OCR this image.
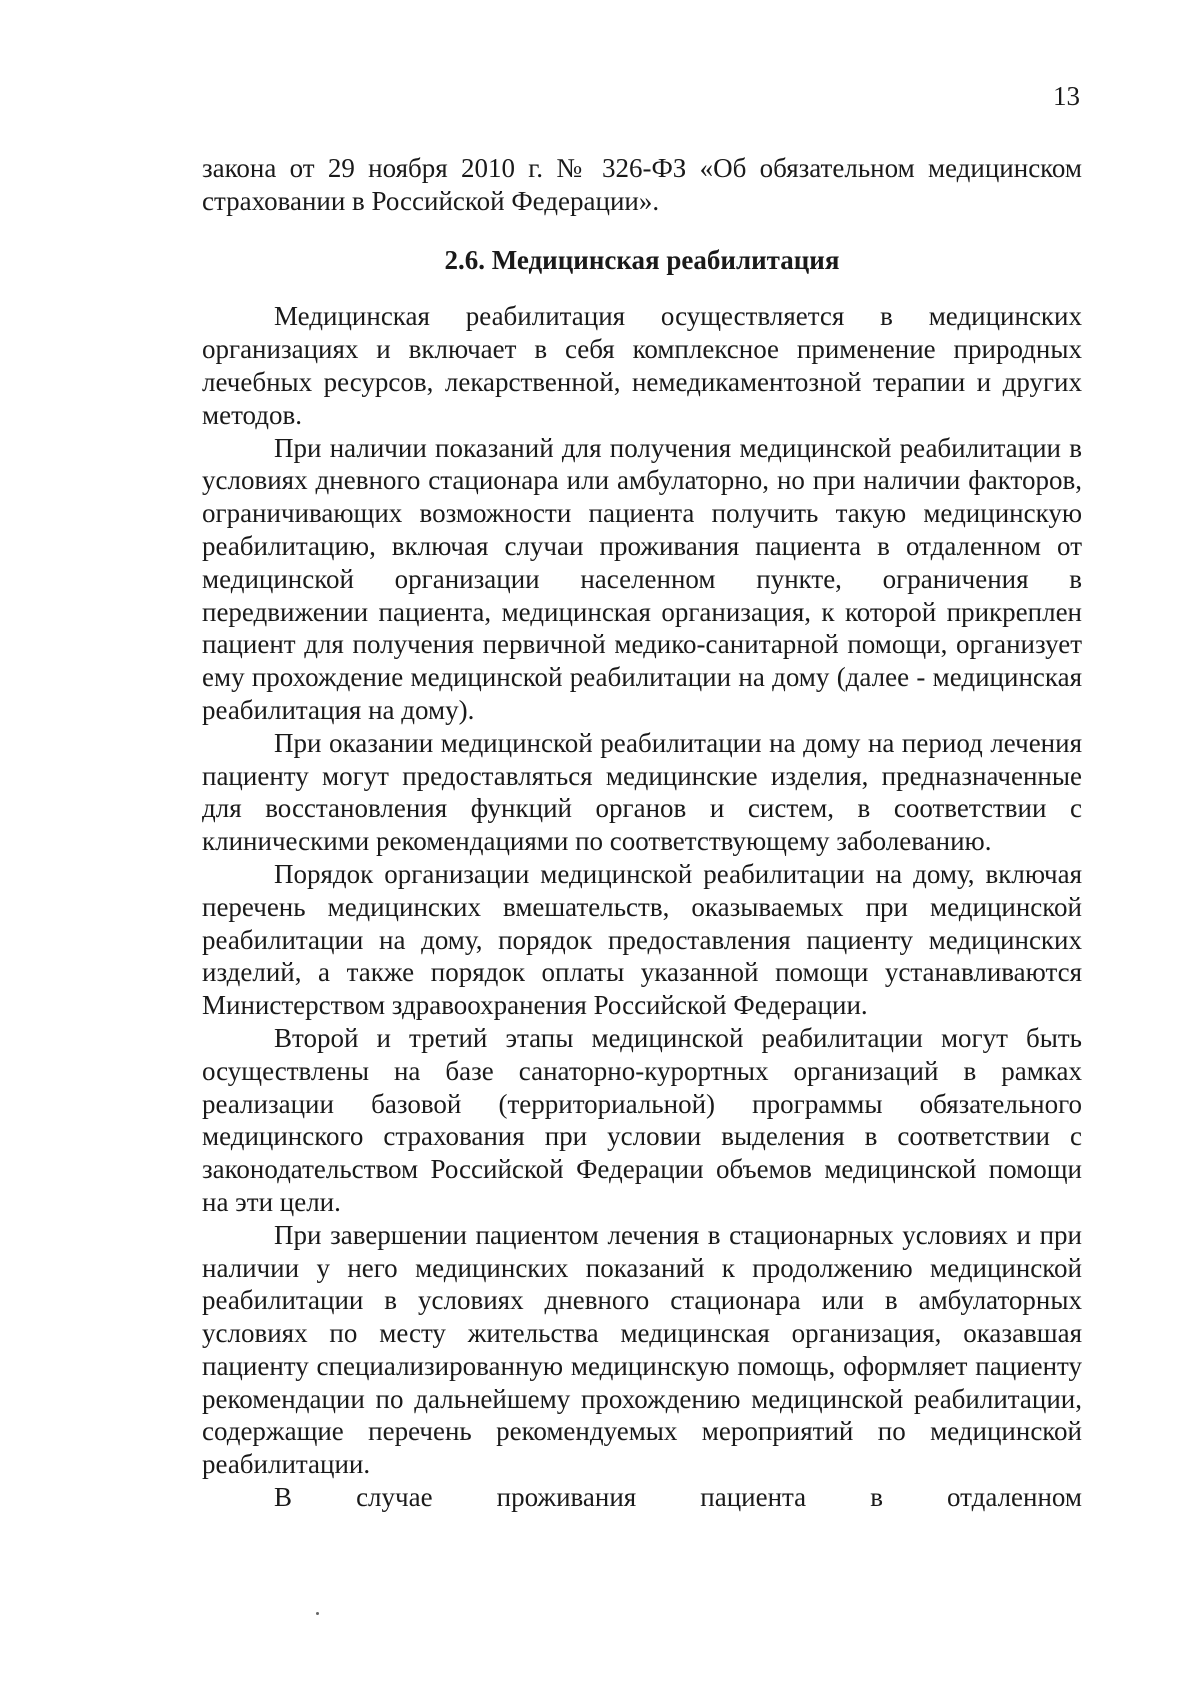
13

закона от 29 ноября 2010 г. № 326-ФЗ «Об обязательном медицинском страховании в Российской Федерации».

2.6. Медицинская реабилитация

Медицинская реабилитация осуществляется в медицинских организациях и включает в себя комплексное применение природных лечебных ресурсов, лекарственной, немедикаментозной терапии и других методов.

При наличии показаний для получения медицинской реабилитации в условиях дневного стационара или амбулаторно, но при наличии факторов, ограничивающих возможности пациента получить такую медицинскую реабилитацию, включая случаи проживания пациента в отдаленном от медицинской организации населенном пункте, ограничения в передвижении пациента, медицинская организация, к которой прикреплен пациент для получения первичной медико-санитарной помощи, организует ему прохождение медицинской реабилитации на дому (далее - медицинская реабилитация на дому).

При оказании медицинской реабилитации на дому на период лечения пациенту могут предоставляться медицинские изделия, предназначенные для восстановления функций органов и систем, в соответствии с клиническими рекомендациями по соответствующему заболеванию.

Порядок организации медицинской реабилитации на дому, включая перечень медицинских вмешательств, оказываемых при медицинской реабилитации на дому, порядок предоставления пациенту медицинских изделий, а также порядок оплаты указанной помощи устанавливаются Министерством здравоохранения Российской Федерации.

Второй и третий этапы медицинской реабилитации могут быть осуществлены на базе санаторно-курортных организаций в рамках реализации базовой (территориальной) программы обязательного медицинского страхования при условии выделения в соответствии с законодательством Российской Федерации объемов медицинской помощи на эти цели.

При завершении пациентом лечения в стационарных условиях и при наличии у него медицинских показаний к продолжению медицинской реабилитации в условиях дневного стационара или в амбулаторных условиях по месту жительства медицинская организация, оказавшая пациенту специализированную медицинскую помощь, оформляет пациенту рекомендации по дальнейшему прохождению медицинской реабилитации, содержащие перечень рекомендуемых мероприятий по медицинской реабилитации.

В случае проживания пациента в отдаленном
